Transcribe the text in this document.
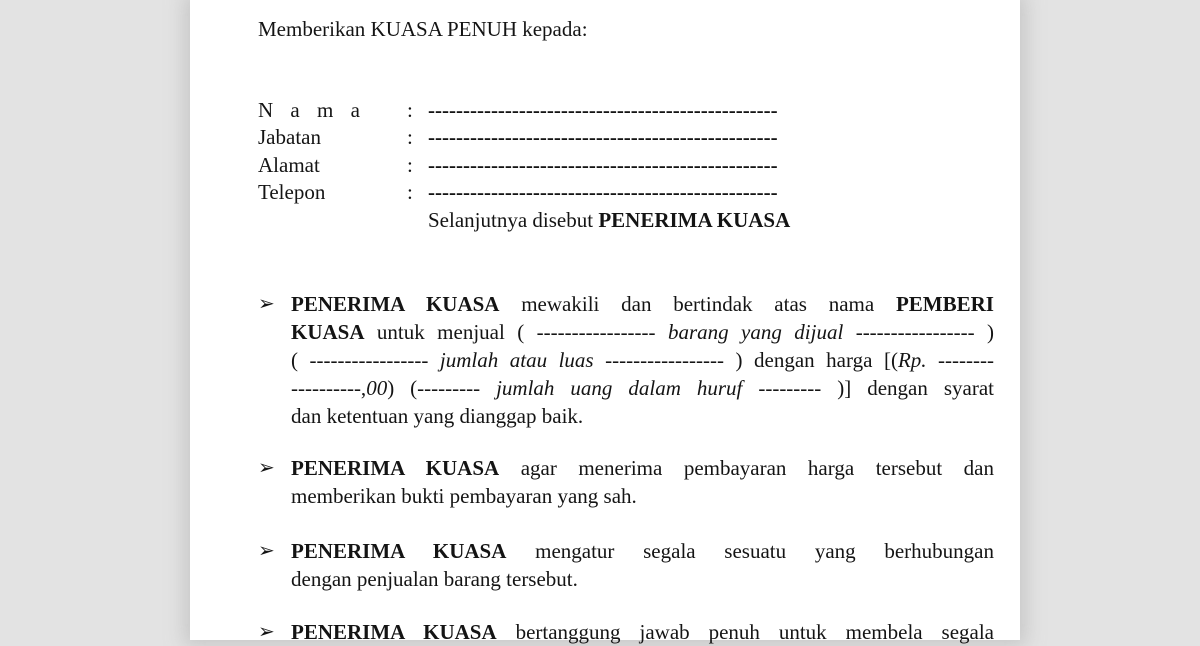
Memberikan KUASA PENUH kepada:
N a m a : --------------------------------------------------
Jabatan	: --------------------------------------------------
Alamat	: --------------------------------------------------
Telepon	: --------------------------------------------------
Selanjutnya disebut PENERIMA KUASA
➢ PENERIMA KUASA mewakili dan bertindak atas nama PEMBERI
KUASA untuk menjual ( ----------------- barang yang dijual ----------------- )
( ----------------- jumlah atau luas ----------------- ) dengan harga [(Rp. --------
----------,00) (--------- jumlah uang dalam huruf --------- )] dengan syarat
dan ketentuan yang dianggap baik.
➢ PENERIMA KUASA agar menerima pembayaran harga tersebut dan
memberikan bukti pembayaran yang sah.
➢ PENERIMA KUASA mengatur segala sesuatu yang berhubungan
dengan penjualan barang tersebut.
➢ PENERIMA KUASA bertanggung jawab penuh untuk membela segala
